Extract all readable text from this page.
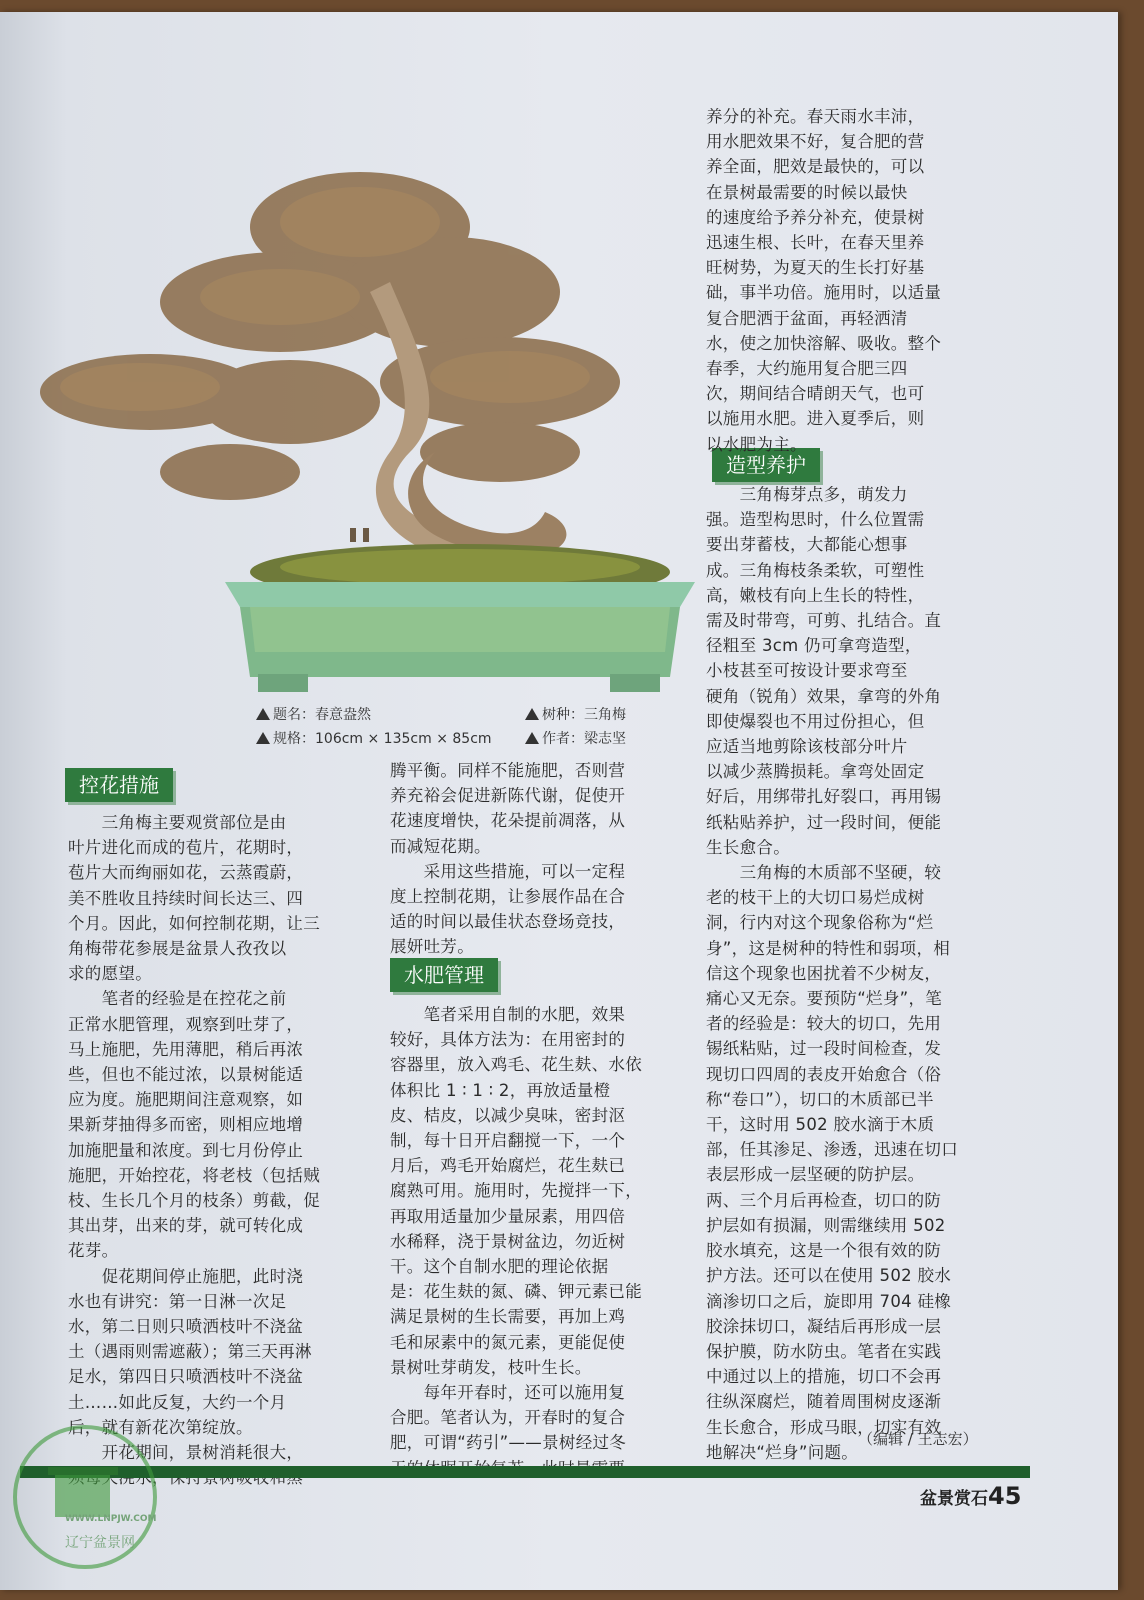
题名：春意盎然	树种：三角梅
规格：106cm × 135cm × 85cm	作者：梁志坚
控花措施
水肥管理
造型养护
　　三角梅主要观赏部位是由
叶片进化而成的苞片，花期时，
苞片大而绚丽如花，云蒸霞蔚，
美不胜收且持续时间长达三、四
个月。因此，如何控制花期，让三
角梅带花参展是盆景人孜孜以
求的愿望。
　　笔者的经验是在控花之前
正常水肥管理，观察到吐芽了，
马上施肥，先用薄肥，稍后再浓
些，但也不能过浓，以景树能适
应为度。施肥期间注意观察，如
果新芽抽得多而密，则相应地增
加施肥量和浓度。到七月份停止
施肥，开始控花，将老枝（包括贼
枝、生长几个月的枝条）剪截，促
其出芽，出来的芽，就可转化成
花芽。
　　促花期间停止施肥，此时浇
水也有讲究：第一日淋一次足
水，第二日则只喷洒枝叶不浇盆
土（遇雨则需遮蔽）；第三天再淋
足水，第四日只喷洒枝叶不浇盆
土……如此反复，大约一个月
后，就有新花次第绽放。
　　开花期间，景树消耗很大，

腾平衡。同样不能施肥，否则营
养充裕会促进新陈代谢，促使开
花速度增快，花朵提前凋落，从
而减短花期。
　　采用这些措施，可以一定程
度上控制花期，让参展作品在合
适的时间以最佳状态登场竞技，
展妍吐芳。
　　笔者采用自制的水肥，效果
较好，具体方法为：在用密封的
容器里，放入鸡毛、花生麸、水依
体积比 1 ∶ 1 ∶ 2，再放适量橙
皮、桔皮，以减少臭味，密封沤
制，每十日开启翻搅一下，一个
月后，鸡毛开始腐烂，花生麸已
腐熟可用。施用时，先搅拌一下，
再取用适量加少量尿素，用四倍
水稀释，浇于景树盆边，勿近树
干。这个自制水肥的理论依据
是：花生麸的氮、磷、钾元素已能
满足景树的生长需要，再加上鸡
毛和尿素中的氮元素，更能促使
景树吐芽萌发，枝叶生长。
　　每年开春时，还可以施用复
合肥。笔者认为，开春时的复合
肥，可谓“药引”——景树经过冬

养分的补充。春天雨水丰沛，
用水肥效果不好，复合肥的营
养全面，肥效是最快的，可以
在景树最需要的时候以最快
的速度给予养分补充，使景树
迅速生根、长叶，在春天里养
旺树势，为夏天的生长打好基
础，事半功倍。施用时，以适量
复合肥洒于盆面，再轻洒清
水，使之加快溶解、吸收。整个
春季，大约施用复合肥三四
次，期间结合晴朗天气，也可
以施用水肥。进入夏季后，则
以水肥为主。
　　三角梅芽点多，萌发力
强。造型构思时，什么位置需
要出芽蓄枝，大都能心想事
成。三角梅枝条柔软，可塑性
高，嫩枝有向上生长的特性，
需及时带弯，可剪、扎结合。直
径粗至 3cm 仍可拿弯造型，
小枝甚至可按设计要求弯至
硬角（锐角）效果，拿弯的外角
即使爆裂也不用过份担心，但
应适当地剪除该枝部分叶片
以减少蒸腾损耗。拿弯处固定
好后，用绑带扎好裂口，再用锡
纸粘贴养护，过一段时间，便能
生长愈合。
　　三角梅的木质部不坚硬，较
老的枝干上的大切口易烂成树
洞，行内对这个现象俗称为“烂
身”，这是树种的特性和弱项，相
信这个现象也困扰着不少树友，
痛心又无奈。要预防“烂身”，笔
者的经验是：较大的切口，先用
锡纸粘贴，过一段时间检查，发
现切口四周的表皮开始愈合（俗
称“卷口”），切口的木质部已半
干，这时用 502 胶水滴于木质
部，任其渗足、渗透，迅速在切口
表层形成一层坚硬的防护层。
两、三个月后再检查，切口的防
护层如有损漏，则需继续用 502
胶水填充，这是一个很有效的防
护方法。还可以在使用 502 胶水
滴渗切口之后，旋即用 704 硅橡
胶涂抹切口，凝结后再形成一层
保护膜，防水防虫。笔者在实践
中通过以上的措施，切口不会再
往纵深腐烂，随着周围树皮逐渐
生长愈合，形成马眼，切实有效
地解决“烂身”问题。
（编辑 / 王志宏）
盆景赏石45
WWW.LNPJW.COM
辽宁盆景网
